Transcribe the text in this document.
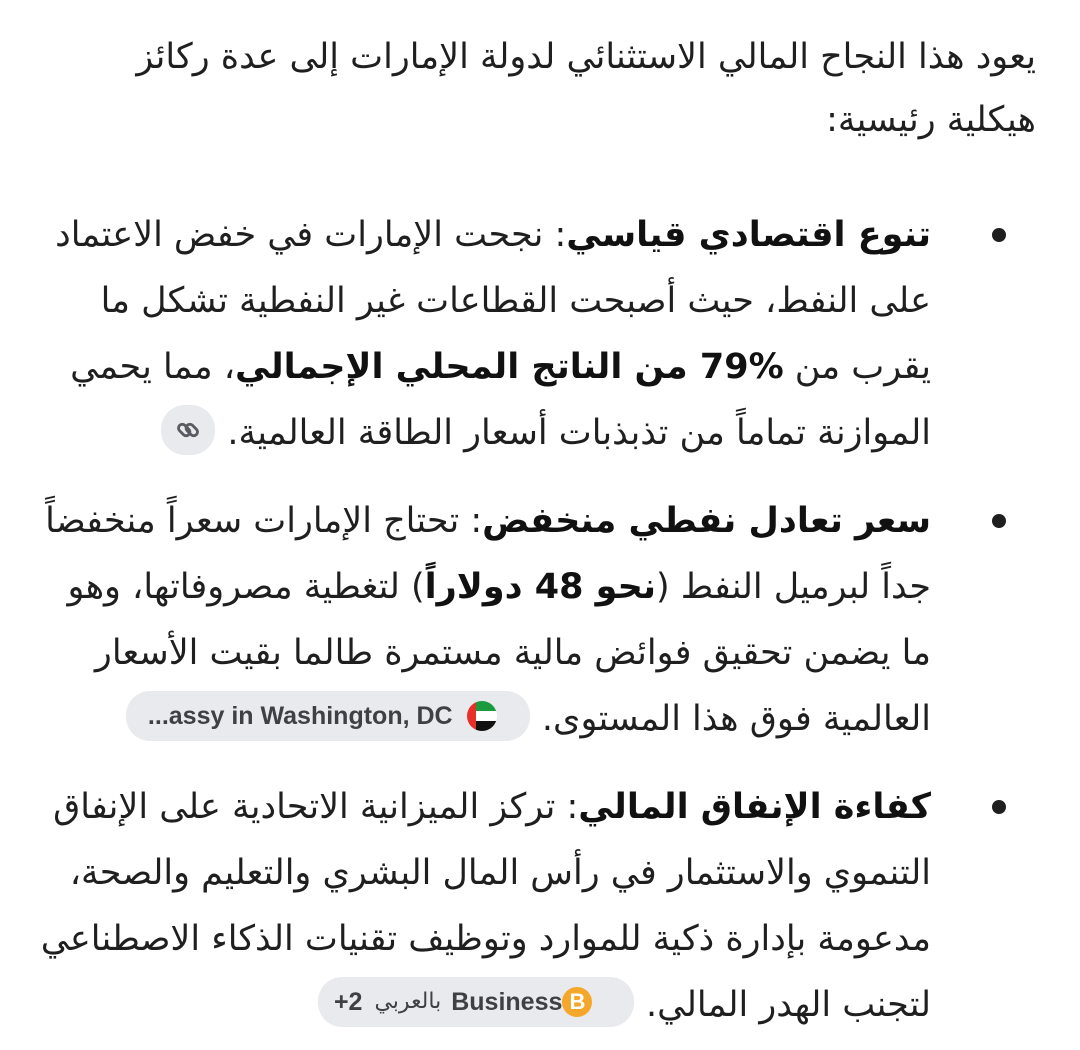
يعود هذا النجاح المالي الاستثنائي لدولة الإمارات إلى عدة ركائز هيكلية رئيسية:

تنوع اقتصادي قياسي: نجحت الإمارات في خفض الاعتماد على النفط، حيث أصبحت القطاعات غير النفطية تشكل ما يقرب من 79% من الناتج المحلي الإجمالي، مما يحمي الموازنة تماماً من تذبذبات أسعار الطاقة العالمية.
سعر تعادل نفطي منخفض: تحتاج الإمارات سعراً منخفضاً جداً لبرميل النفط (نحو 48 دولاراً) لتغطية مصروفاتها، وهو ما يضمن تحقيق فوائض مالية مستمرة طالما بقيت الأسعار العالمية فوق هذا المستوى.
...assy in Washington, DC
كفاءة الإنفاق المالي: تركز الميزانية الاتحادية على الإنفاق التنموي والاستثمار في رأس المال البشري والتعليم والصحة، مدعومة بإدارة ذكية للموارد وتوظيف تقنيات الذكاء الاصطناعي لتجنب الهدر المالي.
+2 بالعربي Business B
